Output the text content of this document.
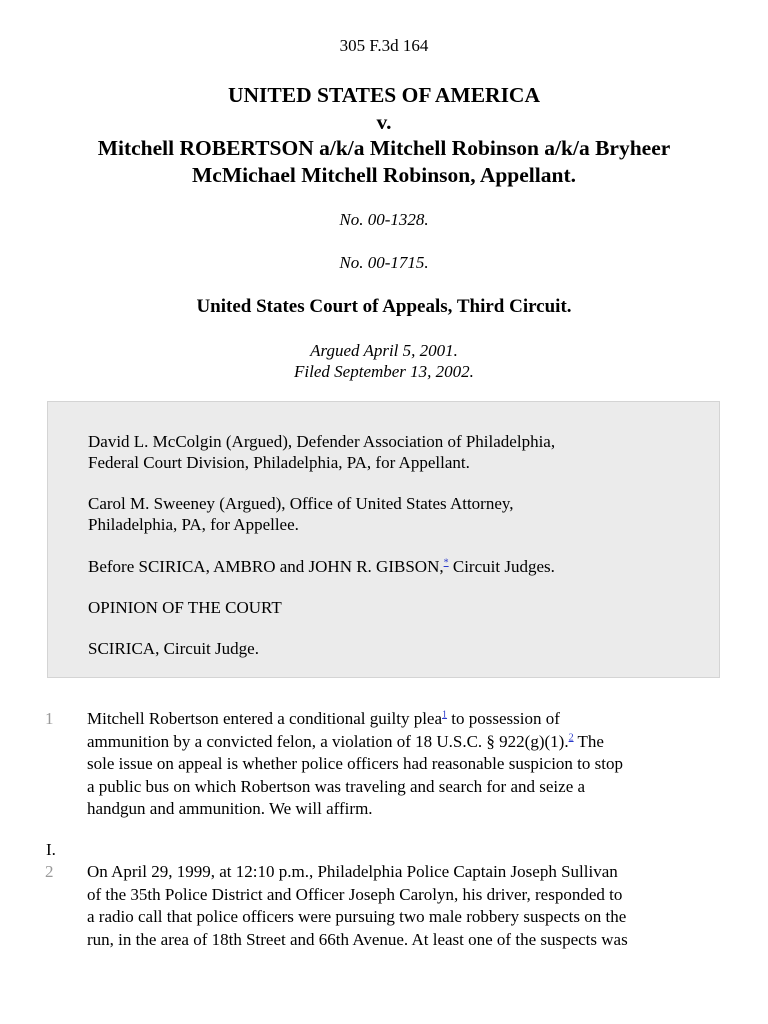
305 F.3d 164
UNITED STATES OF AMERICA
v.
Mitchell ROBERTSON a/k/a Mitchell Robinson a/k/a Bryheer
McMichael Mitchell Robinson, Appellant.
No. 00-1328.
No. 00-1715.
United States Court of Appeals, Third Circuit.
Argued April 5, 2001.
Filed September 13, 2002.

David L. McColgin (Argued), Defender Association of Philadelphia,
Federal Court Division, Philadelphia, PA, for Appellant.

Carol M. Sweeney (Argued), Office of United States Attorney,
Philadelphia, PA, for Appellee.

Before SCIRICA, AMBRO and JOHN R. GIBSON,* Circuit Judges.

OPINION OF THE COURT

SCIRICA, Circuit Judge.

1 Mitchell Robertson entered a conditional guilty plea$^1$ to possession of
ammunition by a convicted felon, a violation of 18 U.S.C. § 922(g)(1).$^2$ The
sole issue on appeal is whether police officers had reasonable suspicion to stop
a public bus on which Robertson was traveling and search for and seize a
handgun and ammunition. We will affirm.
I.
2 On April 29, 1999, at 12:10 p.m., Philadelphia Police Captain Joseph Sullivan
of the 35th Police District and Officer Joseph Carolyn, his driver, responded to
a radio call that police officers were pursuing two male robbery suspects on the
run, in the area of 18th Street and 66th Avenue. At least one of the suspects was
